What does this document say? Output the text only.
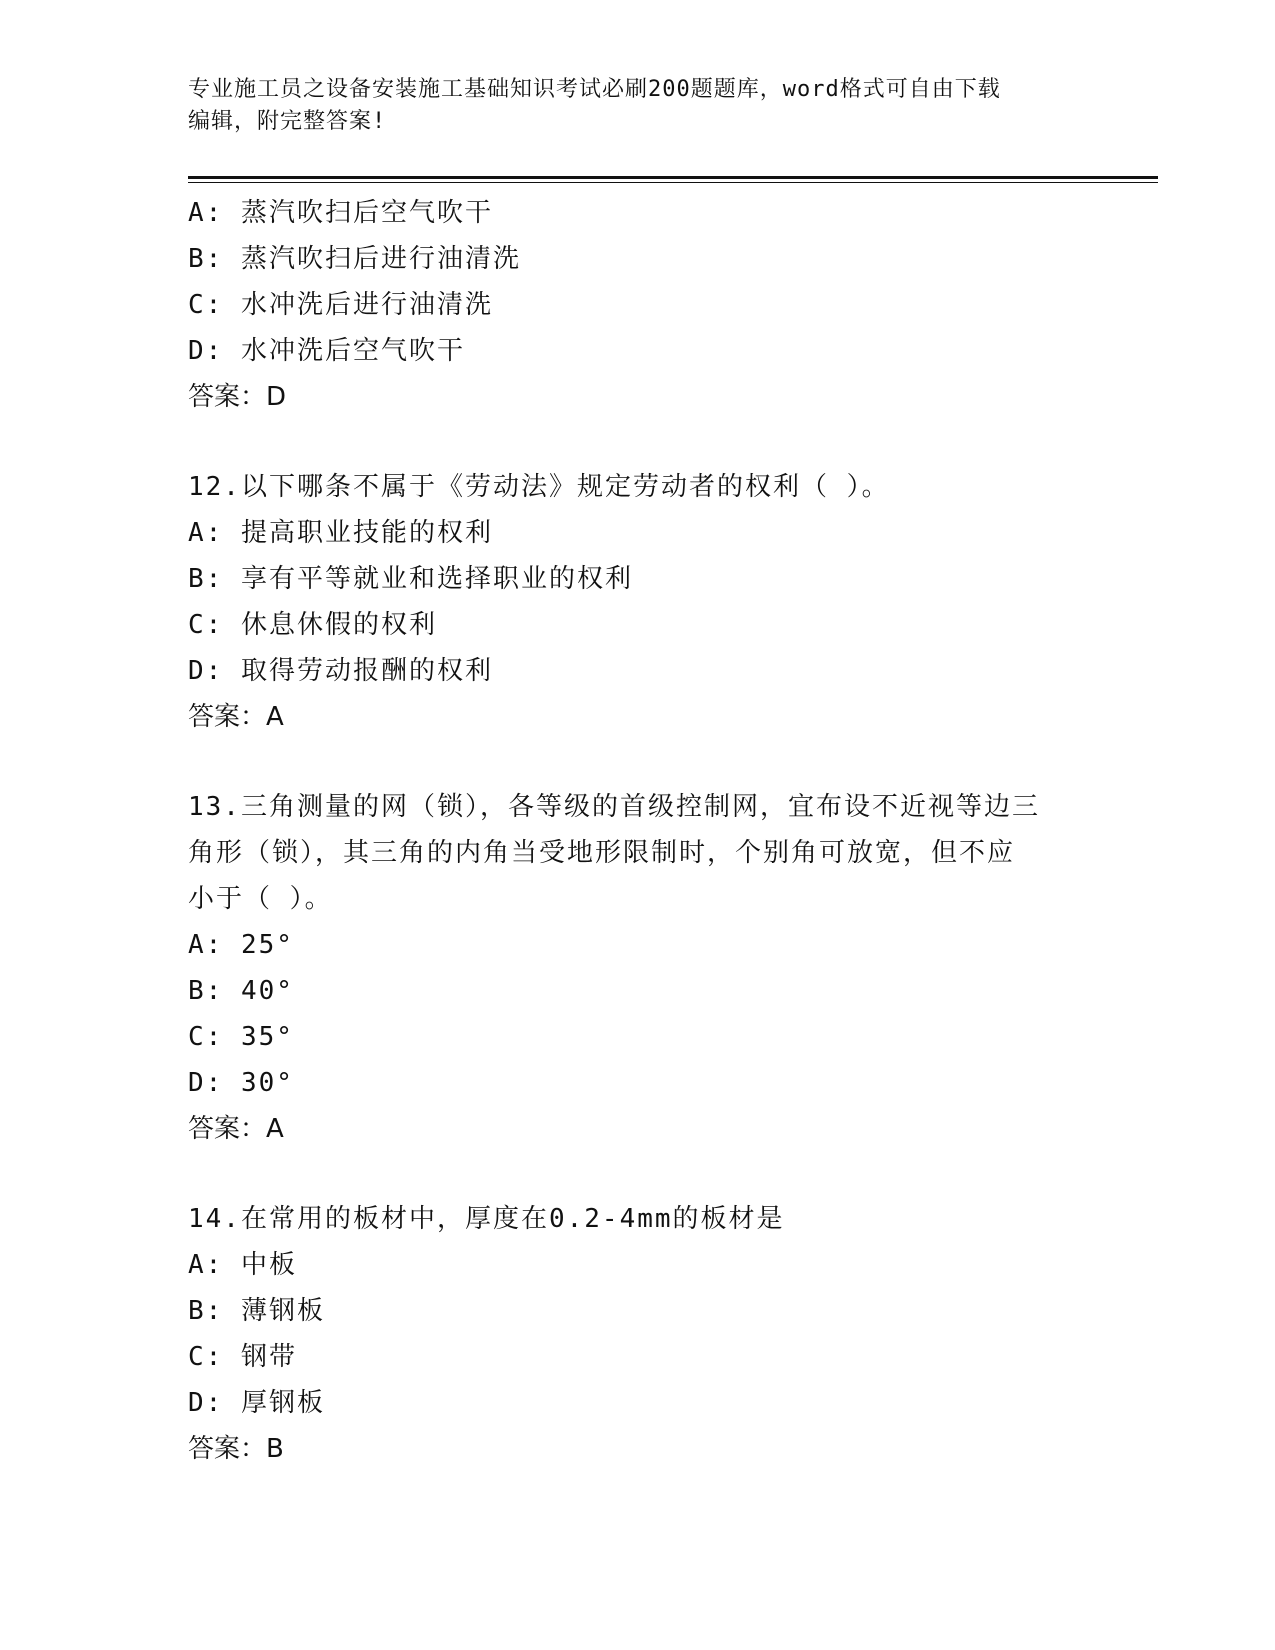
专业施工员之设备安装施工基础知识考试必刷200题题库，word格式可自由下载
编辑，附完整答案!
A: 蒸汽吹扫后空气吹干
B: 蒸汽吹扫后进行油清洗
C: 水冲洗后进行油清洗
D: 水冲洗后空气吹干
答案：D
12.以下哪条不属于《劳动法》规定劳动者的权利（ ）。
A: 提高职业技能的权利
B: 享有平等就业和选择职业的权利
C: 休息休假的权利
D: 取得劳动报酬的权利
答案：A
13.三角测量的网（锁），各等级的首级控制网，宜布设不近视等边三
角形（锁），其三角的内角当受地形限制时，个别角可放宽，但不应
小于（ ）。
A: 25°
B: 40°
C: 35°
D: 30°
答案：A
14.在常用的板材中，厚度在0.2-4mm的板材是
A: 中板
B: 薄钢板
C: 钢带
D: 厚钢板
答案：B
